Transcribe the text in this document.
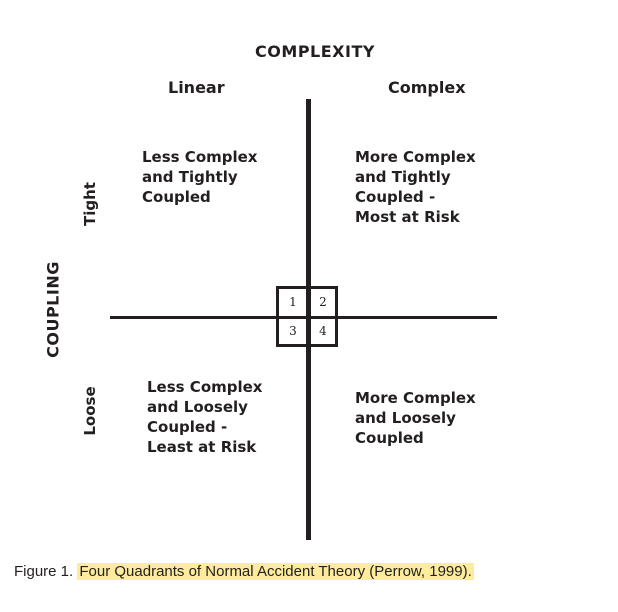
COMPLEXITY
Linear	Complex
COUPLING
Tight
Loose
Less Complex
and Tightly
Coupled
More Complex
and Tightly
Coupled -
Most at Risk
Less Complex
and Loosely
Coupled -
Least at Risk
More Complex
and Loosely
Coupled
1	2
3	4
Figure 1. Four Quadrants of Normal Accident Theory (Perrow, 1999).
